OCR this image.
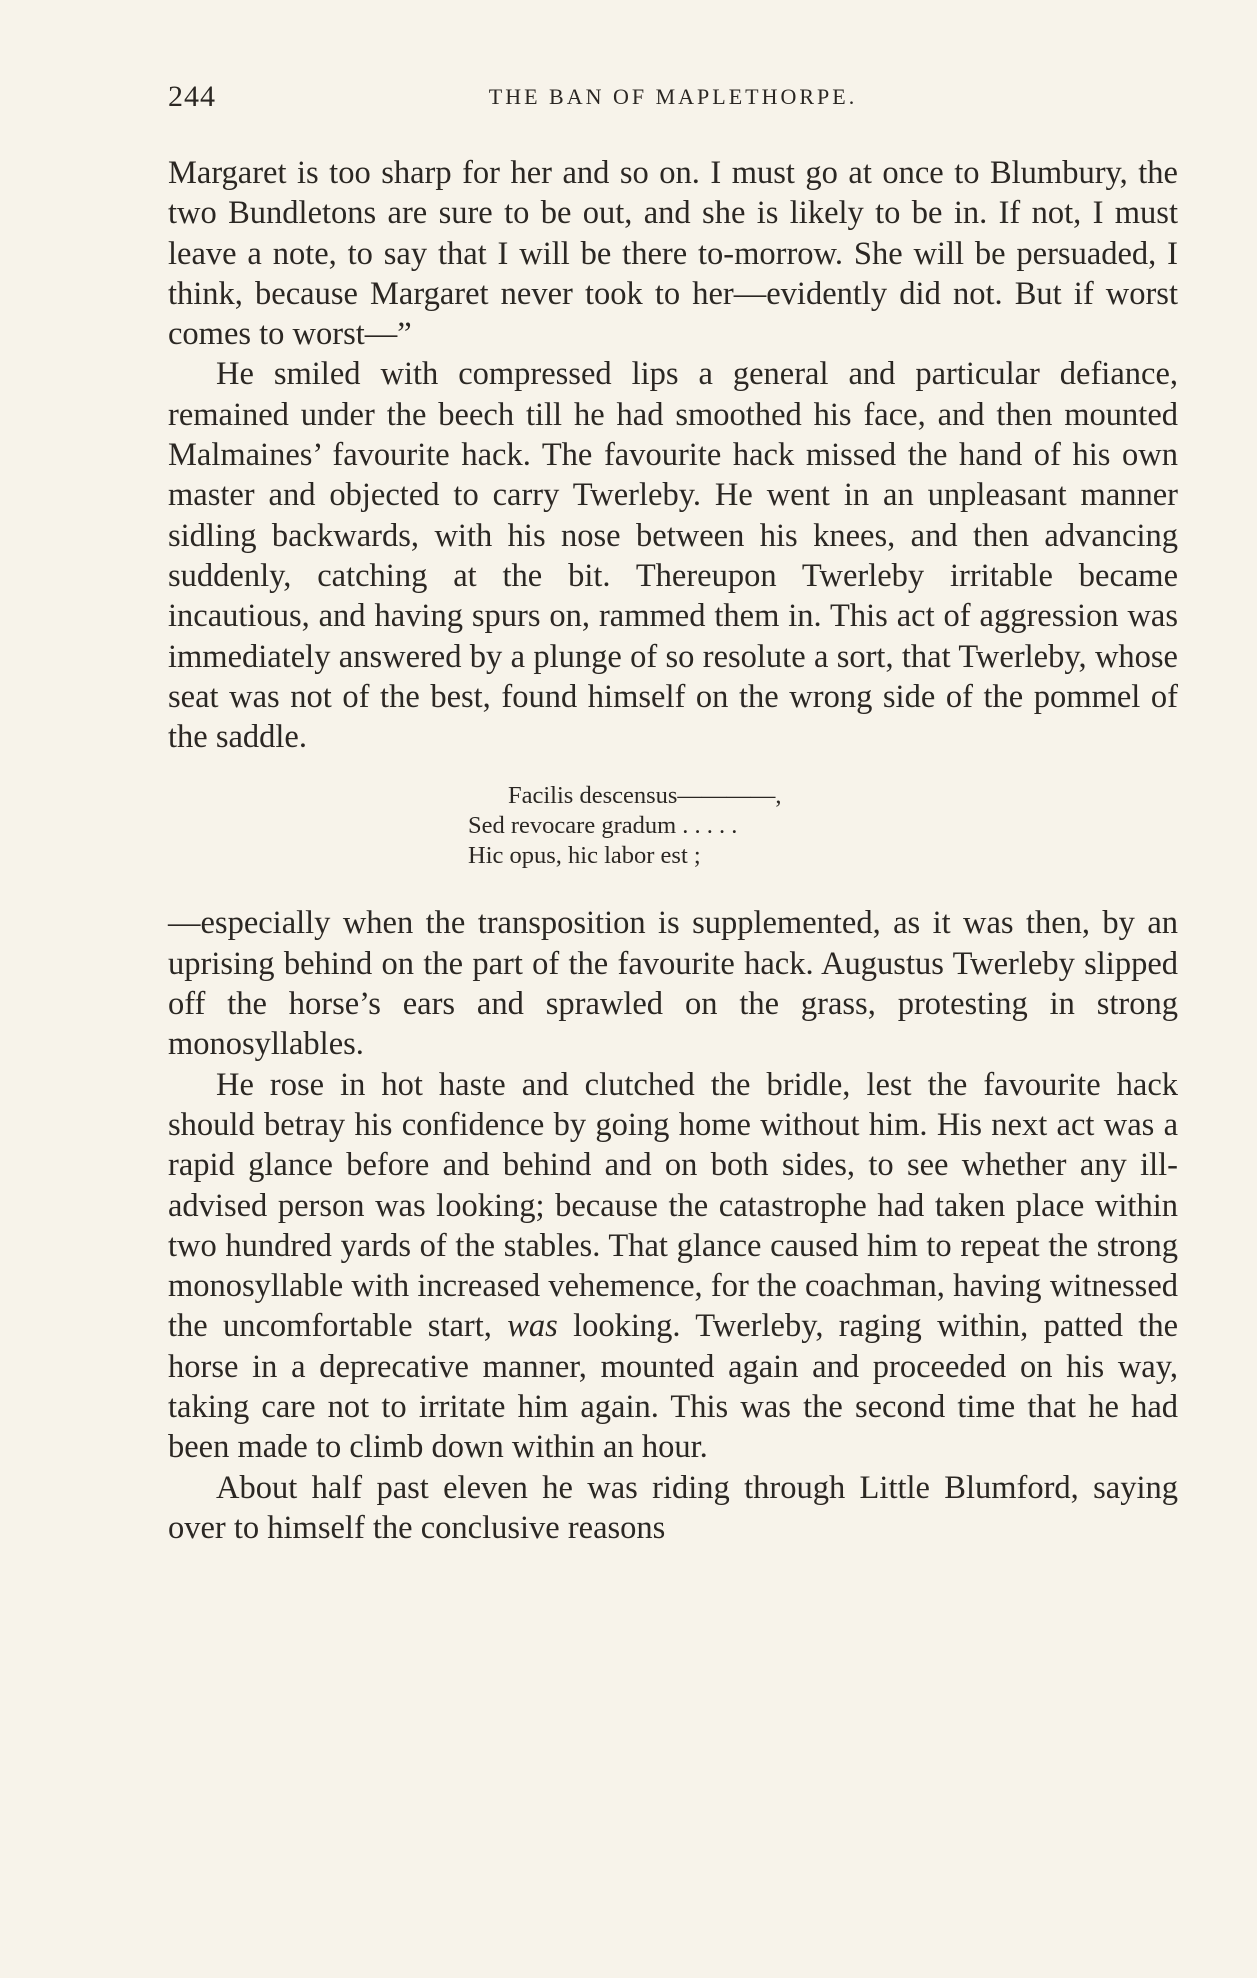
244	THE BAN OF MAPLETHORPE.

Margaret is too sharp for her and so on. I must go at once to Blumbury, the two Bundletons are sure to be out, and she is likely to be in. If not, I must leave a note, to say that I will be there to-morrow. She will be persuaded, I think, because Margaret never took to her—evidently did not. But if worst comes to worst—”

He smiled with compressed lips a general and particular defiance, remained under the beech till he had smoothed his face, and then mounted Malmaines’ favourite hack. The favourite hack missed the hand of his own master and objected to carry Twerleby. He went in an unpleasant manner sidling backwards, with his nose between his knees, and then advancing suddenly, catching at the bit. Thereupon Twerleby irritable became incautious, and having spurs on, rammed them in. This act of aggression was immediately answered by a plunge of so resolute a sort, that Twerleby, whose seat was not of the best, found himself on the wrong side of the pommel of the saddle.

Facilis descensus————,
Sed revocare gradum . . . . .
Hic opus, hic labor est ;

—especially when the transposition is supplemented, as it was then, by an uprising behind on the part of the favourite hack. Augustus Twerleby slipped off the horse’s ears and sprawled on the grass, protesting in strong monosyllables.

He rose in hot haste and clutched the bridle, lest the favourite hack should betray his confidence by going home without him. His next act was a rapid glance before and behind and on both sides, to see whether any ill-advised person was looking; because the catastrophe had taken place within two hundred yards of the stables. That glance caused him to repeat the strong monosyllable with increased vehemence, for the coachman, having witnessed the uncomfortable start, was looking. Twerleby, raging within, patted the horse in a deprecative manner, mounted again and proceeded on his way, taking care not to irritate him again. This was the second time that he had been made to climb down within an hour.

About half past eleven he was riding through Little Blumford, saying over to himself the conclusive reasons
